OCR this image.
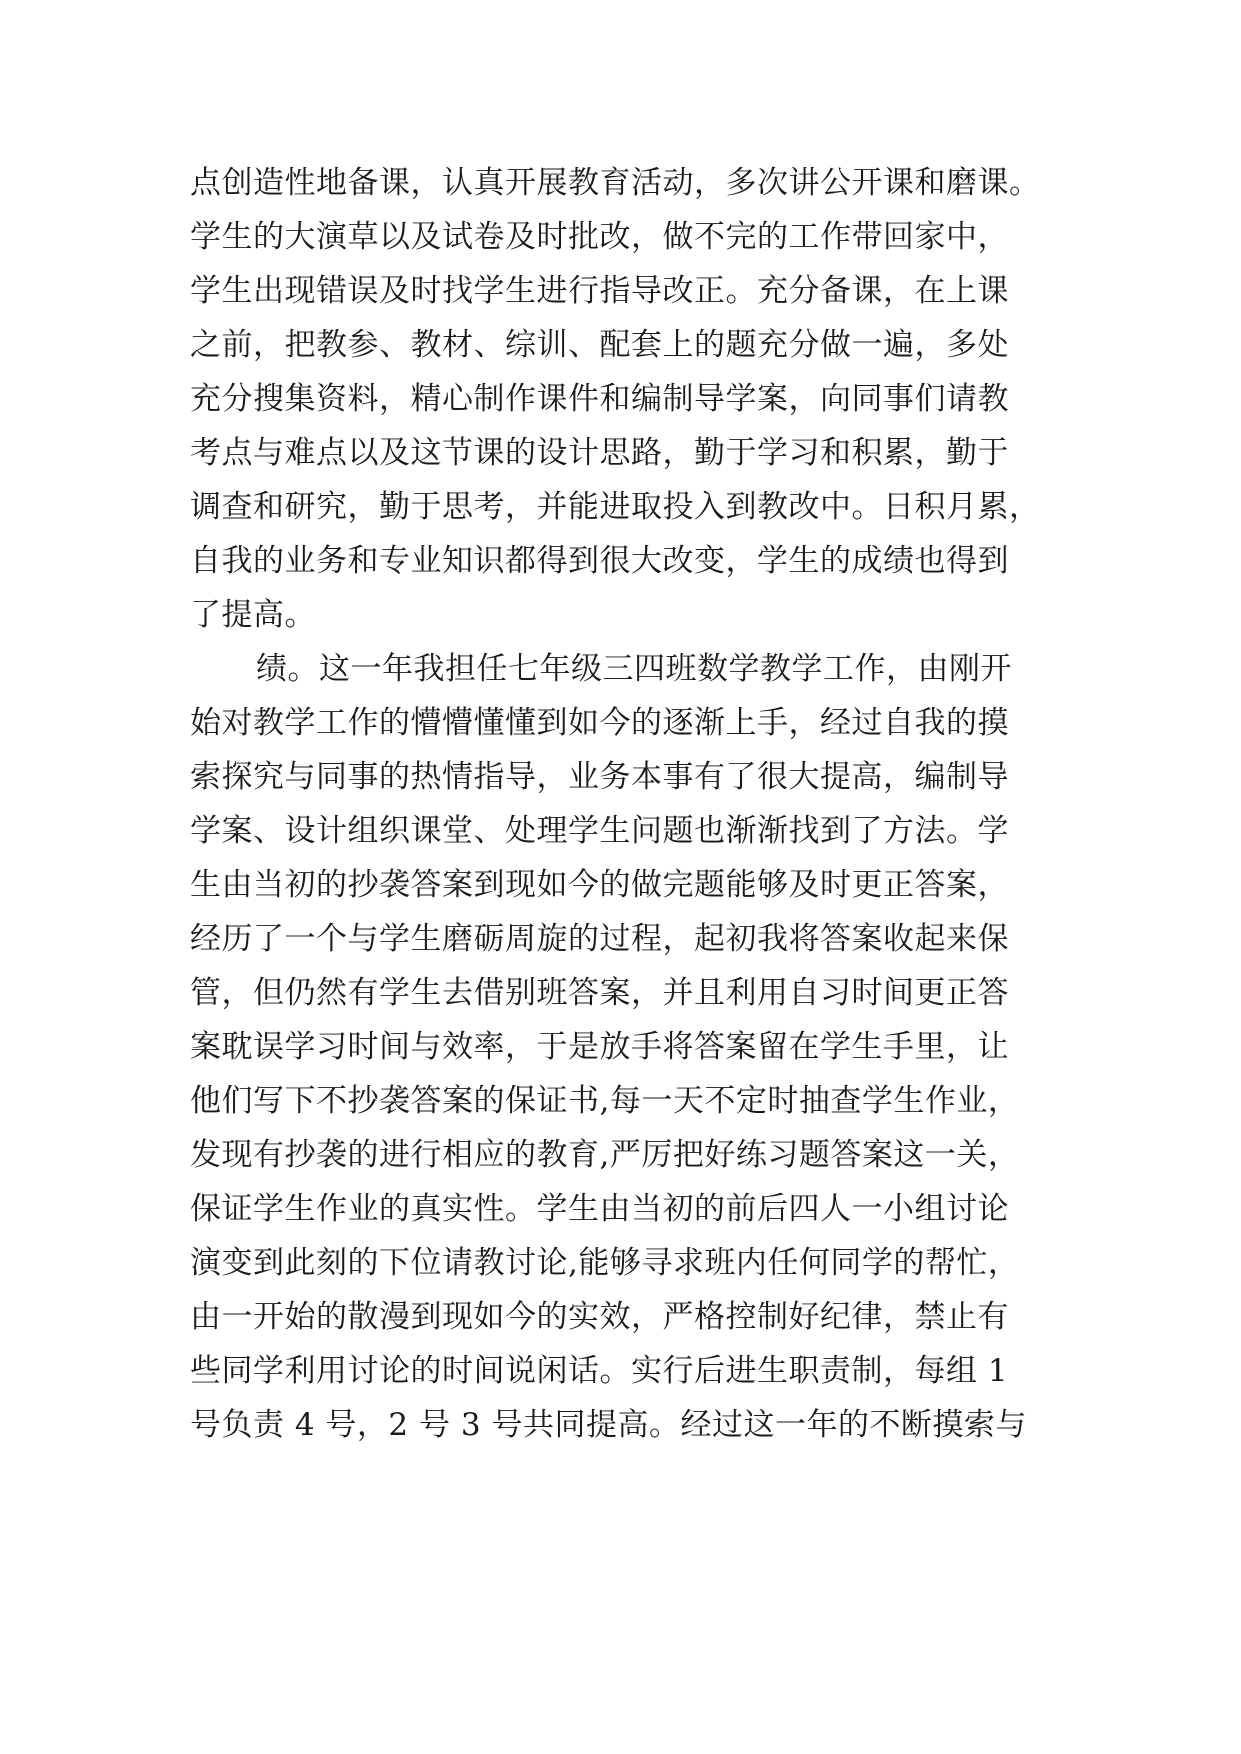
点创造性地备课，认真开展教育活动，多次讲公开课和磨课。
学生的大演草以及试卷及时批改，做不完的工作带回家中，
学生出现错误及时找学生进行指导改正。充分备课，在上课
之前，把教参、教材、综训、配套上的题充分做一遍，多处
充分搜集资料，精心制作课件和编制导学案，向同事们请教
考点与难点以及这节课的设计思路，勤于学习和积累，勤于
调查和研究，勤于思考，并能进取投入到教改中。日积月累，
自我的业务和专业知识都得到很大改变，学生的成绩也得到
了提高。
绩。这一年我担任七年级三四班数学教学工作，由刚开
始对教学工作的懵懵懂懂到如今的逐渐上手，经过自我的摸
索探究与同事的热情指导，业务本事有了很大提高，编制导
学案、设计组织课堂、处理学生问题也渐渐找到了方法。学
生由当初的抄袭答案到现如今的做完题能够及时更正答案，
经历了一个与学生磨砺周旋的过程，起初我将答案收起来保
管，但仍然有学生去借别班答案，并且利用自习时间更正答
案耽误学习时间与效率，于是放手将答案留在学生手里，让
他们写下不抄袭答案的保证书,每一天不定时抽查学生作业，
发现有抄袭的进行相应的教育,严厉把好练习题答案这一关，
保证学生作业的真实性。学生由当初的前后四人一小组讨论
演变到此刻的下位请教讨论,能够寻求班内任何同学的帮忙，
由一开始的散漫到现如今的实效，严格控制好纪律，禁止有
些同学利用讨论的时间说闲话。实行后进生职责制，每组 1
号负责 4 号，2 号 3 号共同提高。经过这一年的不断摸索与
